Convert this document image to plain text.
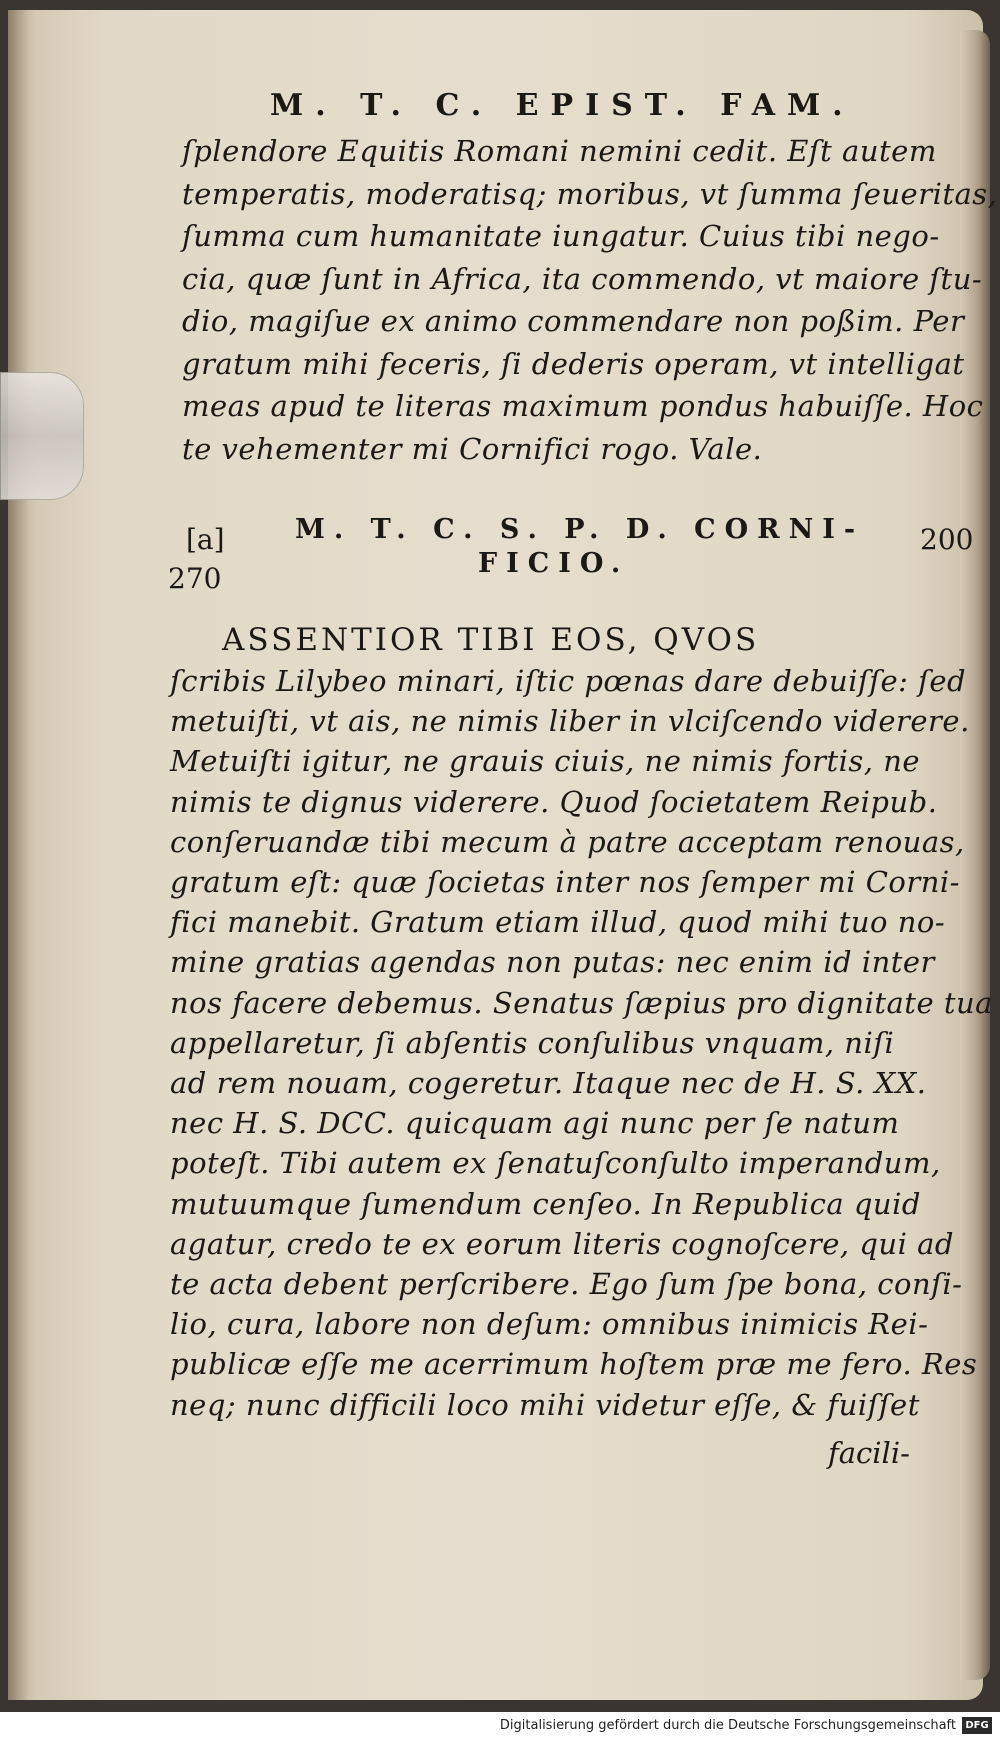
M. T. C. EPIST. FAM.
ſplendore Equitis Romani nemini cedit. Eſt autem
temperatis, moderatisq; moribus, vt ſumma ſeueritas,
ſumma cum humanitate iungatur. Cuius tibi nego-
cia, quæ ſunt in Africa, ita commendo, vt maiore ſtu-
dio, magiſue ex animo commendare non poßim. Per
gratum mihi feceris, ſi dederis operam, vt intelligat
meas apud te literas maximum pondus habuiſſe. Hoc
te vehementer mi Cornifici rogo. Vale.
[a]
270
200
M. T. C. S. P. D. CORNI-
FICIO.
ASSENTIOR TIBI EOS, QVOS
ſcribis Lilybeo minari, iſtic pœnas dare debuiſſe: ſed
metuiſti, vt ais, ne nimis liber in vlciſcendo viderere.
Metuiſti igitur, ne grauis ciuis, ne nimis fortis, ne
nimis te dignus viderere. Quod ſocietatem Reipub.
conſeruandæ tibi mecum à patre acceptam renouas,
gratum eſt: quæ ſocietas inter nos ſemper mi Corni-
fici manebit. Gratum etiam illud, quod mihi tuo no-
mine gratias agendas non putas: nec enim id inter
nos facere debemus. Senatus ſæpius pro dignitate tua
appellaretur, ſi abſentis conſulibus vnquam, niſi
ad rem nouam, cogeretur. Itaque nec de H. S. XX.
nec H. S. DCC. quicquam agi nunc per ſe natum
poteſt. Tibi autem ex ſenatuſconſulto imperandum,
mutuumque ſumendum cenſeo. In Republica quid
agatur, credo te ex eorum literis cognoſcere, qui ad
te acta debent perſcribere. Ego ſum ſpe bona, conſi-
lio, cura, labore non deſum: omnibus inimicis Rei-
publicæ eſſe me acerrimum hoſtem præ me fero. Res
neq; nunc difficili loco mihi videtur eſſe, & fuiſſet
facili-
Digitalisierung gefördert durch die Deutsche Forschungsgemeinschaft DFG
